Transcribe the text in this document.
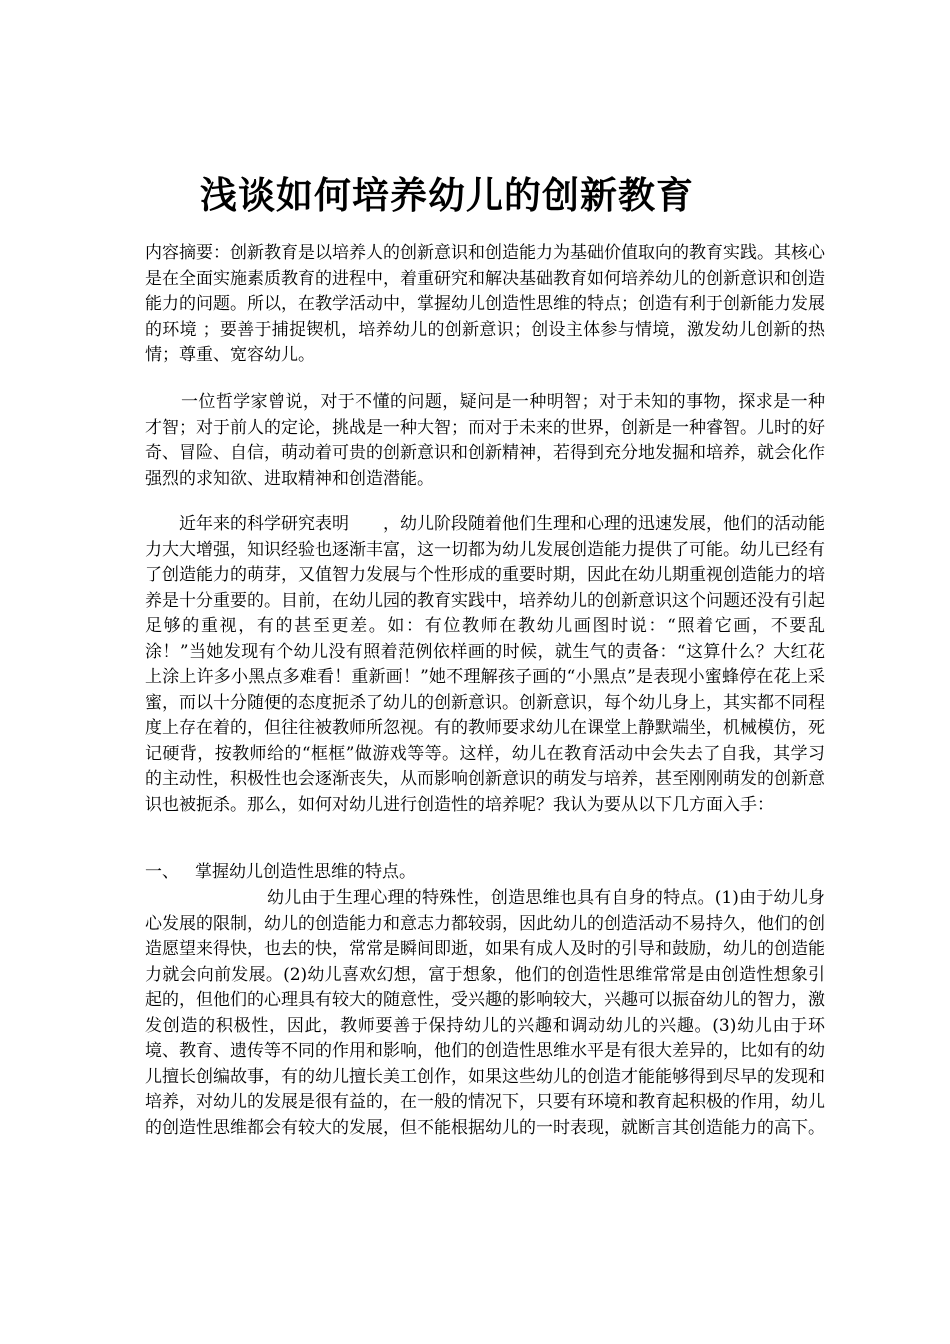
浅谈如何培养幼儿的创新教育
内容摘要：创新教育是以培养人的创新意识和创造能力为基础价值取向的教育实践。其核心是在全面实施素质教育的进程中，着重研究和解决基础教育如何培养幼儿的创新意识和创造能力的问题。所以，在教学活动中，掌握幼儿创造性思维的特点；创造有利于创新能力发展的环境 ；要善于捕捉锲机，培养幼儿的创新意识；创设主体参与情境，激发幼儿创新的热情；尊重、宽容幼儿。
一位哲学家曾说，对于不懂的问题，疑问是一种明智；对于未知的事物，探求是一种才智；对于前人的定论，挑战是一种大智；而对于未来的世界，创新是一种睿智。儿时的好奇、冒险、自信，萌动着可贵的创新意识和创新精神，若得到充分地发掘和培养，就会化作强烈的求知欲、进取精神和创造潜能。
近年来的科学研究表明　　，幼儿阶段随着他们生理和心理的迅速发展，他们的活动能力大大增强，知识经验也逐渐丰富，这一切都为幼儿发展创造能力提供了可能。幼儿已经有了创造能力的萌芽，又值智力发展与个性形成的重要时期，因此在幼儿期重视创造能力的培养是十分重要的。目前，在幼儿园的教育实践中，培养幼儿的创新意识这个问题还没有引起足够的重视，有的甚至更差。如：有位教师在教幼儿画图时说：“照着它画，不要乱涂！”当她发现有个幼儿没有照着范例依样画的时候，就生气的责备：“这算什么？大红花上涂上许多小黑点多难看！重新画！”她不理解孩子画的“小黑点”是表现小蜜蜂停在花上采蜜，而以十分随便的态度扼杀了幼儿的创新意识。创新意识，每个幼儿身上，其实都不同程度上存在着的，但往往被教师所忽视。有的教师要求幼儿在课堂上静默端坐，机械模仿，死记硬背，按教师给的“框框”做游戏等等。这样，幼儿在教育活动中会失去了自我，其学习的主动性，积极性也会逐渐丧失，从而影响创新意识的萌发与培养，甚至刚刚萌发的创新意识也被扼杀。那么，如何对幼儿进行创造性的培养呢？我认为要从以下几方面入手：
一、 掌握幼儿创造性思维的特点。
幼儿由于生理心理的特殊性，创造思维也具有自身的特点。(1)由于幼儿身心发展的限制，幼儿的创造能力和意志力都较弱，因此幼儿的创造活动不易持久，他们的创造愿望来得快，也去的快，常常是瞬间即逝，如果有成人及时的引导和鼓励，幼儿的创造能力就会向前发展。(2)幼儿喜欢幻想，富于想象，他们的创造性思维常常是由创造性想象引起的，但他们的心理具有较大的随意性，受兴趣的影响较大，兴趣可以振奋幼儿的智力，激发创造的积极性，因此，教师要善于保持幼儿的兴趣和调动幼儿的兴趣。(3)幼儿由于环境、教育、遗传等不同的作用和影响，他们的创造性思维水平是有很大差异的，比如有的幼儿擅长创编故事，有的幼儿擅长美工创作，如果这些幼儿的创造才能能够得到尽早的发现和培养，对幼儿的发展是很有益的，在一般的情况下，只要有环境和教育起积极的作用，幼儿的创造性思维都会有较大的发展，但不能根据幼儿的一时表现，就断言其创造能力的高下。
